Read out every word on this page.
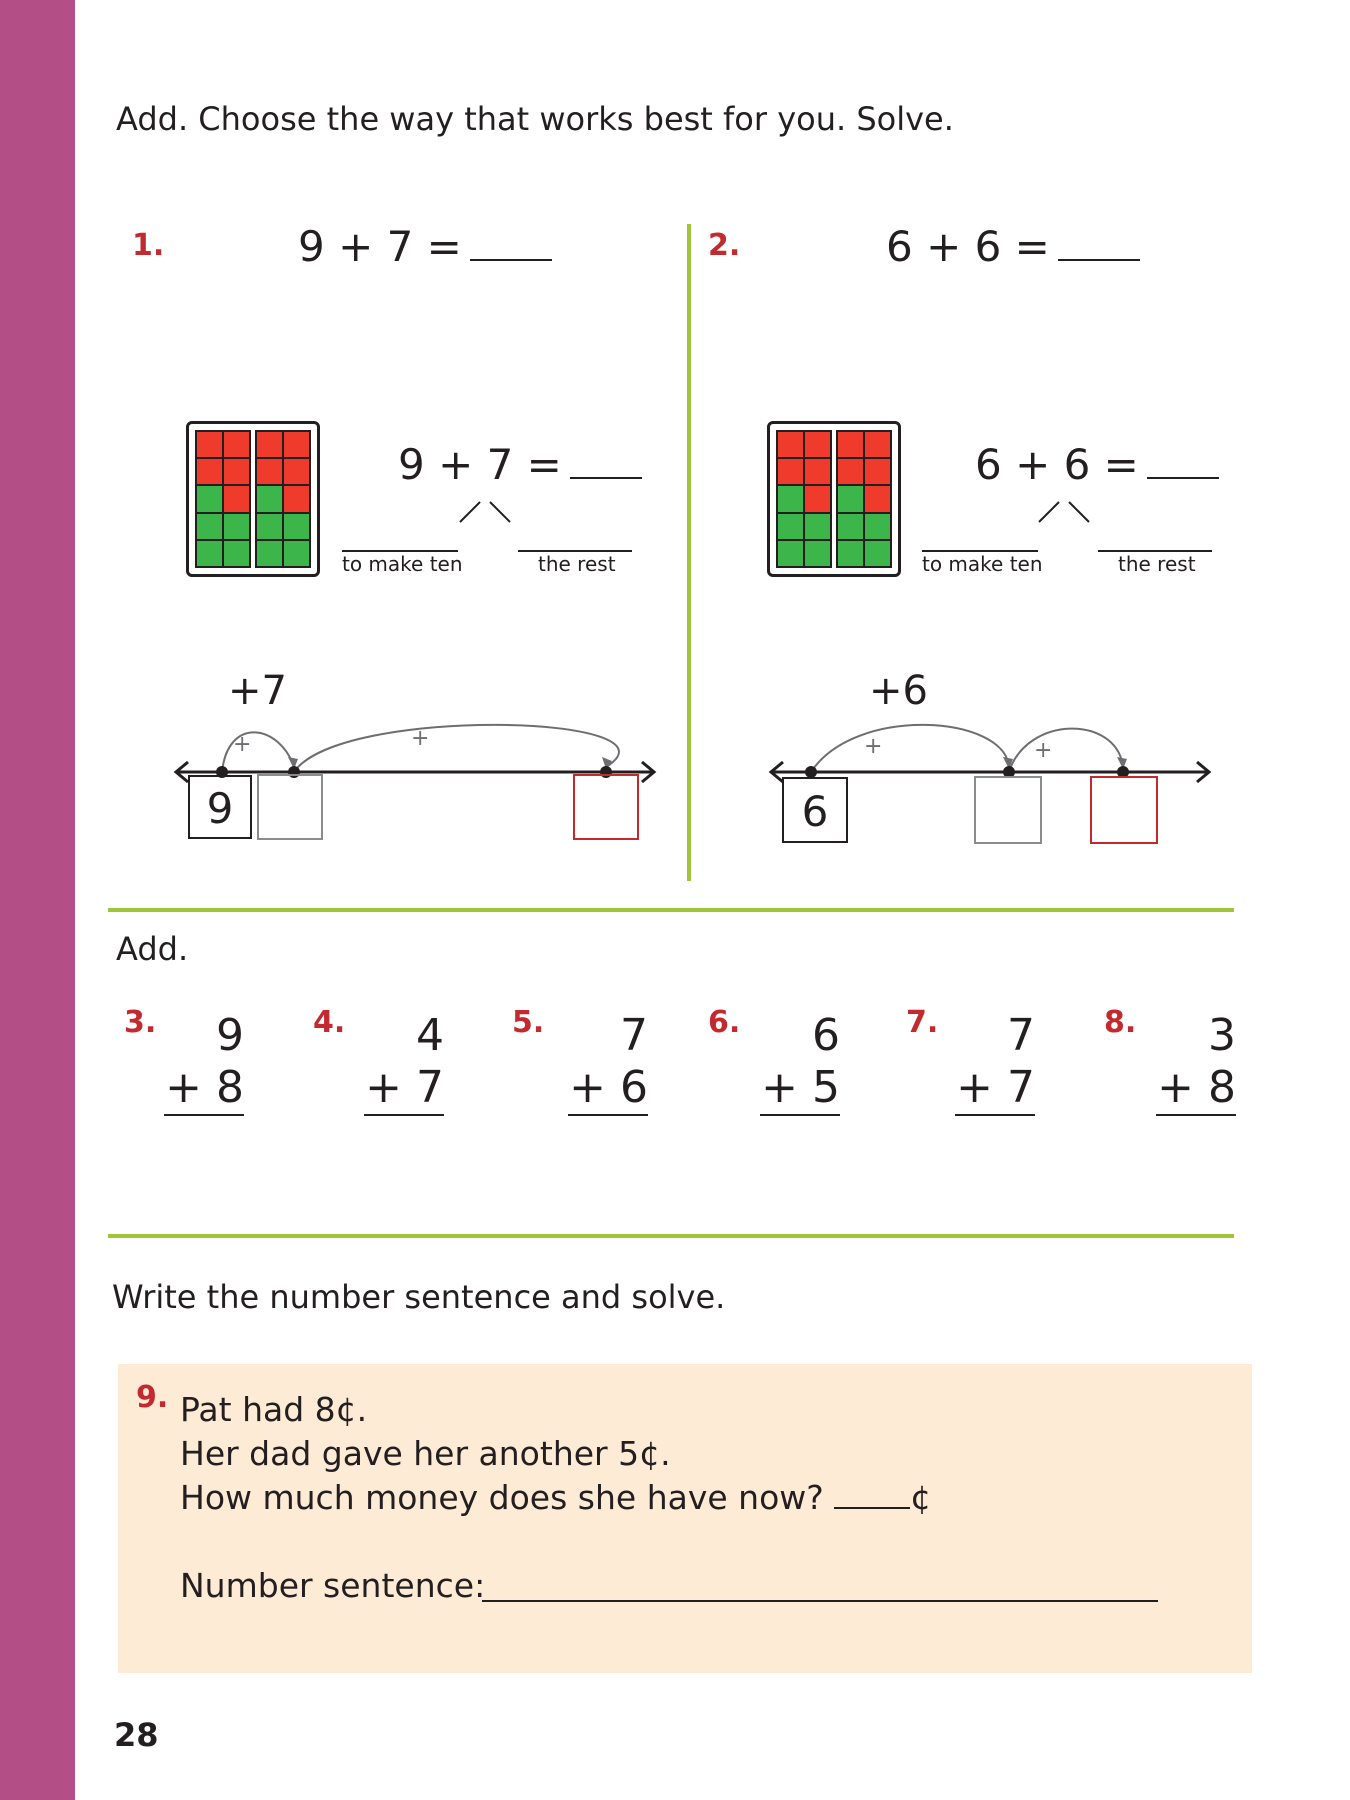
Add. Choose the way that works best for you. Solve.
1.	9 + 7 =	2.	6 + 6 =
9 + 7 =
to make ten	the rest
6 + 6 =
to make ten	the rest
+7
+	+
9
+6
+	+
6
Add.
3.	9
+ 8
4.	4
+ 7
5.	7
+ 6
6.	6
+ 5
7.	7
+ 7
8.	3
+ 8
Write the number sentence and solve.
9. Pat had 8¢.
Her dad gave her another 5¢.
How much money does she have now?	¢
Number sentence:
28
